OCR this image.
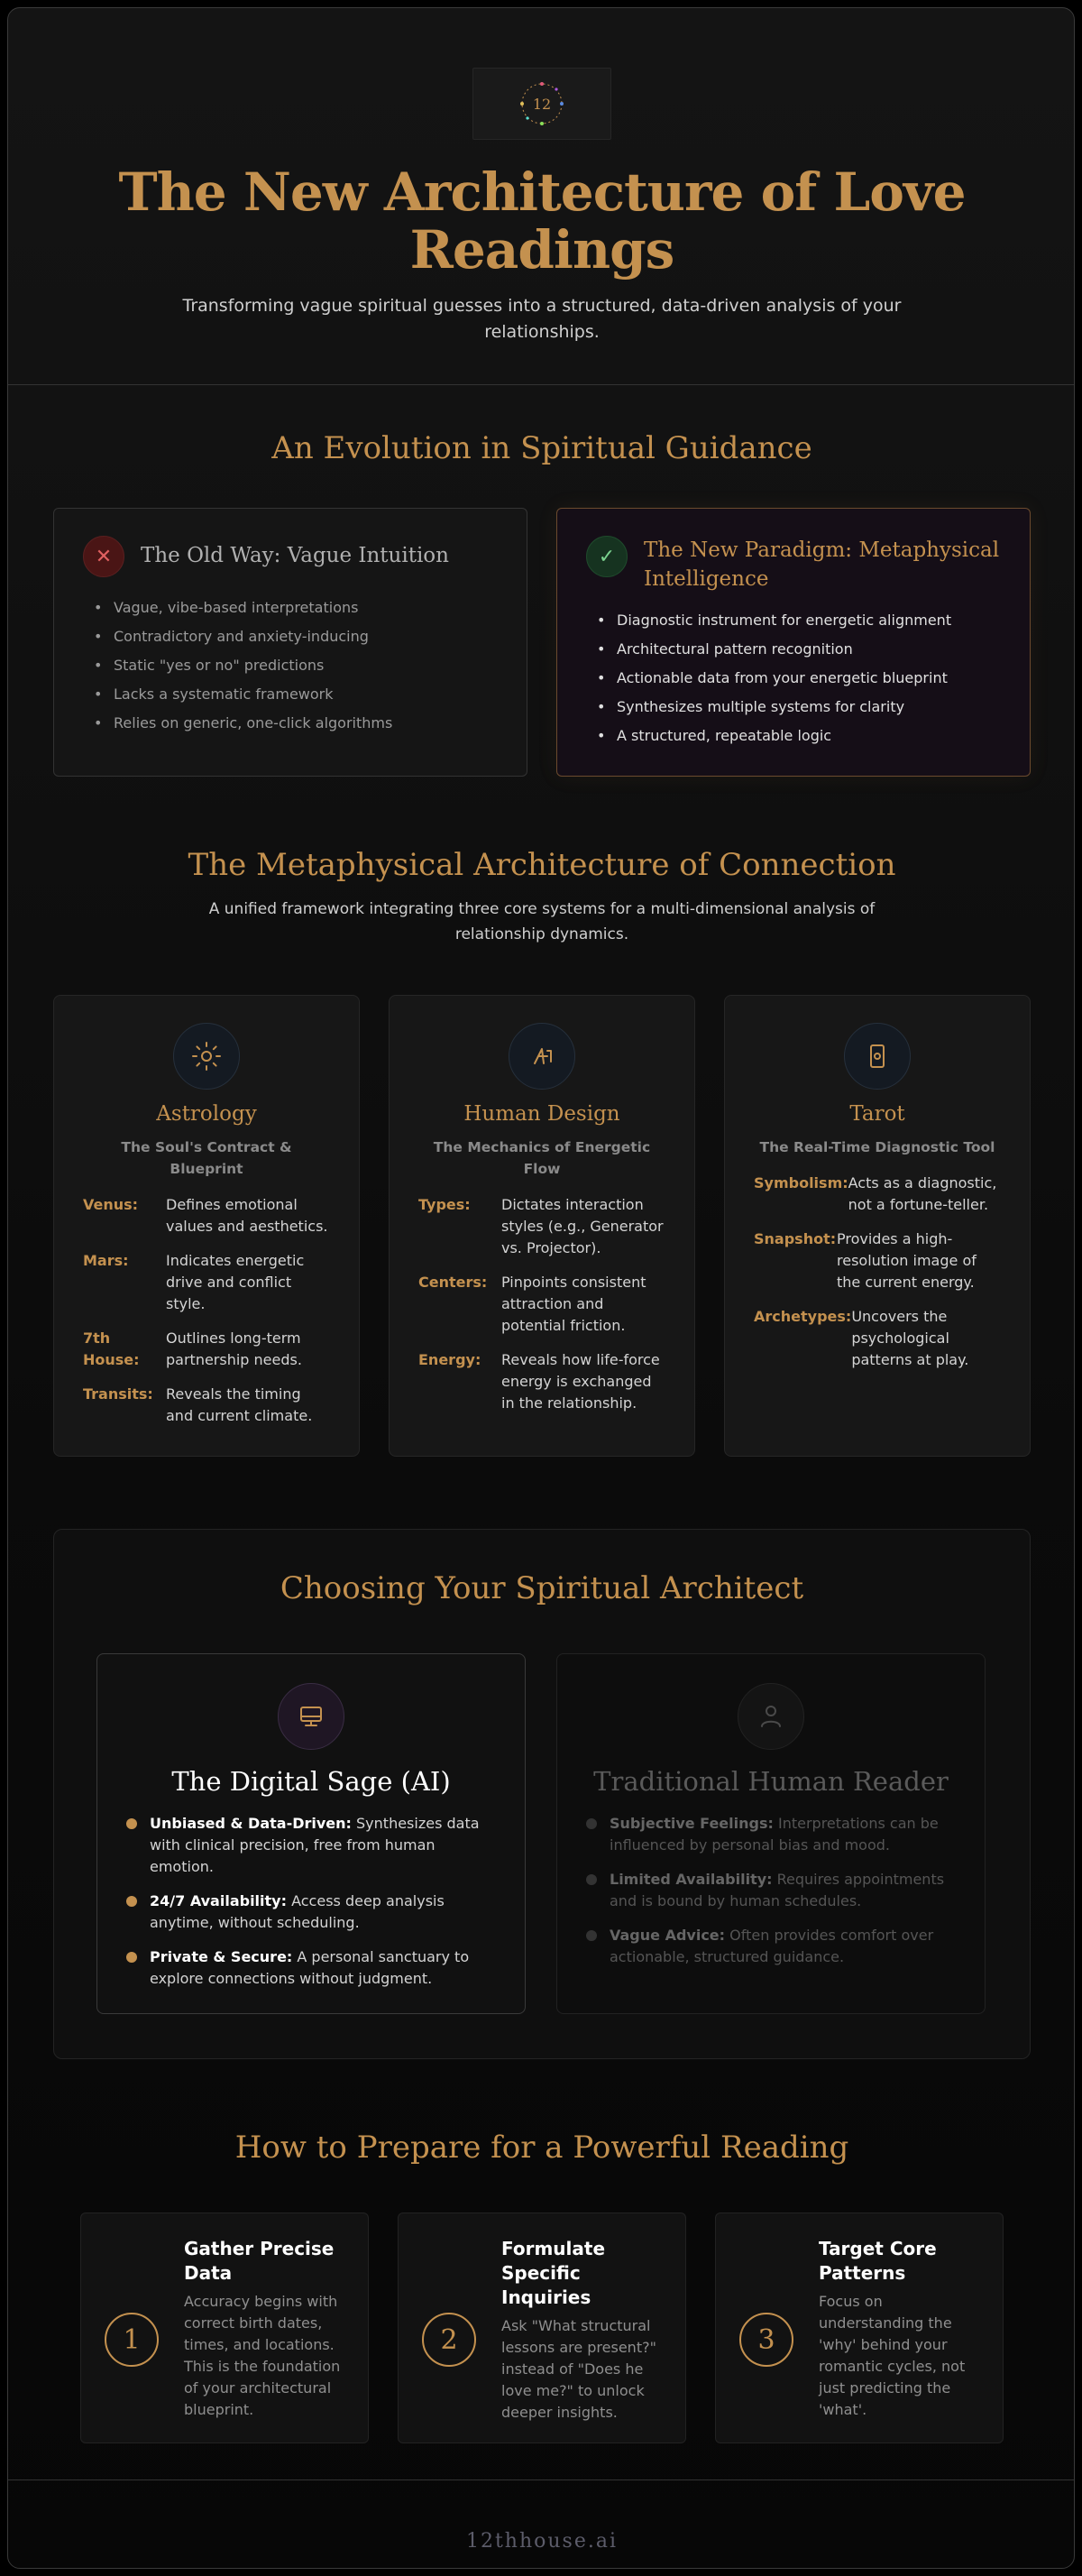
12
The New Architecture of Love Readings

Transforming vague spiritual guesses into a structured, data-driven analysis of your relationships.

An Evolution in Spiritual Guidance
✕	The Old Way: Vague Intuition
• Vague, vibe-based interpretations
• Contradictory and anxiety-inducing
• Static "yes or no" predictions
• Lacks a systematic framework
• Relies on generic, one-click algorithms
✓	The New Paradigm: Metaphysical Intelligence
• Diagnostic instrument for energetic alignment
• Architectural pattern recognition
• Actionable data from your energetic blueprint
• Synthesizes multiple systems for clarity
• A structured, repeatable logic
The Metaphysical Architecture of Connection

A unified framework integrating three core systems for a multi-dimensional analysis of relationship dynamics.

Astrology
The Soul's Contract & Blueprint
Venus:	Defines emotional values and aesthetics.
Mars:	Indicates energetic drive and conflict style.
7th House:
Outlines long-term partnership needs.
Transits: Reveals the timing and current climate.
Human Design
The Mechanics of Energetic Flow
Types:	Dictates interaction styles (e.g., Generator vs. Projector).
Centers: Pinpoints consistent attraction and potential friction.
Energy:	Reveals how life-force energy is exchanged in the relationship.
Tarot
The Real-Time Diagnostic Tool
Symbolism: Acts as a diagnostic, not a fortune-teller.
Snapshot: Provides a high-resolution image of the current energy.
Archetypes: Uncovers the psychological patterns at play.
Choosing Your Spiritual Architect
The Digital Sage (AI)
Unbiased & Data-Driven: Synthesizes data with clinical precision, free from human emotion.
24/7 Availability: Access deep analysis anytime, without scheduling.
Private & Secure: A personal sanctuary to explore connections without judgment.
Traditional Human Reader
Subjective Feelings: Interpretations can be influenced by personal bias and mood.
Limited Availability: Requires appointments and is bound by human schedules.
Vague Advice: Often provides comfort over actionable, structured guidance.
How to Prepare for a Powerful Reading
1
Gather Precise Data
Accuracy begins with correct birth dates, times, and locations. This is the foundation of your architectural blueprint.
2
Formulate Specific Inquiries
Ask "What structural lessons are present?" instead of "Does he love me?" to unlock deeper insights.
3
Target Core Patterns
Focus on understanding the 'why' behind your romantic cycles, not just predicting the 'what'.
12thhouse.ai
